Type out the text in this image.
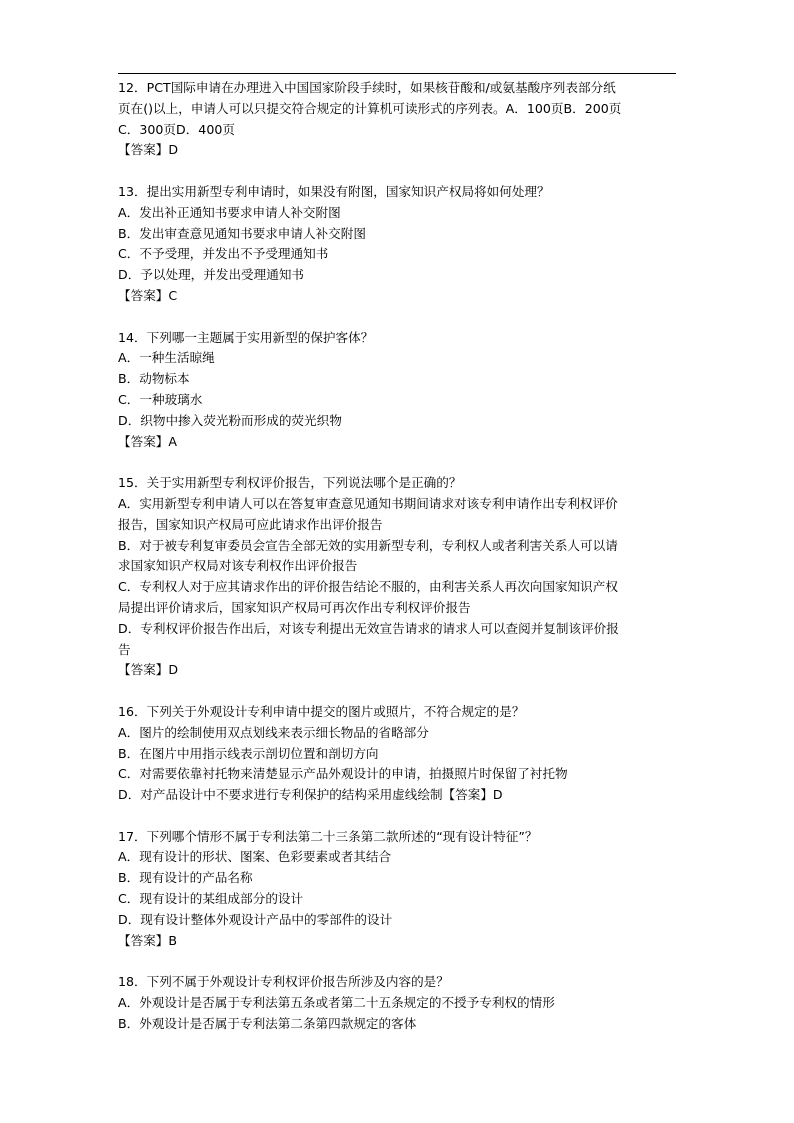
12．PCT国际申请在办理进入中国国家阶段手续时，如果核苷酸和/或氨基酸序列表部分纸
页在()以上，申请人可以只提交符合规定的计算机可读形式的序列表。A．100页B．200页
C．300页D．400页
【答案】D
13．提出实用新型专利申请时，如果没有附图，国家知识产权局将如何处理？
A．发出补正通知书要求申请人补交附图
B．发出审查意见通知书要求申请人补交附图
C．不予受理，并发出不予受理通知书
D．予以处理，并发出受理通知书
【答案】C
14．下列哪一主题属于实用新型的保护客体？
A．一种生活晾绳
B．动物标本
C．一种玻璃水
D．织物中掺入荧光粉而形成的荧光织物
【答案】A
15．关于实用新型专利权评价报告，下列说法哪个是正确的？
A．实用新型专利申请人可以在答复审查意见通知书期间请求对该专利申请作出专利权评价
报告，国家知识产权局可应此请求作出评价报告
B．对于被专利复审委员会宣告全部无效的实用新型专利，专利权人或者利害关系人可以请
求国家知识产权局对该专利权作出评价报告
C．专利权人对于应其请求作出的评价报告结论不服的，由利害关系人再次向国家知识产权
局提出评价请求后，国家知识产权局可再次作出专利权评价报告
D．专利权评价报告作出后，对该专利提出无效宣告请求的请求人可以查阅并复制该评价报
告
【答案】D
16．下列关于外观设计专利申请中提交的图片或照片，不符合规定的是？
A．图片的绘制使用双点划线来表示细长物品的省略部分
B．在图片中用指示线表示剖切位置和剖切方向
C．对需要依靠衬托物来清楚显示产品外观设计的申请，拍摄照片时保留了衬托物
D．对产品设计中不要求进行专利保护的结构采用虚线绘制【答案】D
17．下列哪个情形不属于专利法第二十三条第二款所述的“现有设计特征”？
A．现有设计的形状、图案、色彩要素或者其结合
B．现有设计的产品名称
C．现有设计的某组成部分的设计
D．现有设计整体外观设计产品中的零部件的设计
【答案】B
18．下列不属于外观设计专利权评价报告所涉及内容的是？
A．外观设计是否属于专利法第五条或者第二十五条规定的不授予专利权的情形
B．外观设计是否属于专利法第二条第四款规定的客体
